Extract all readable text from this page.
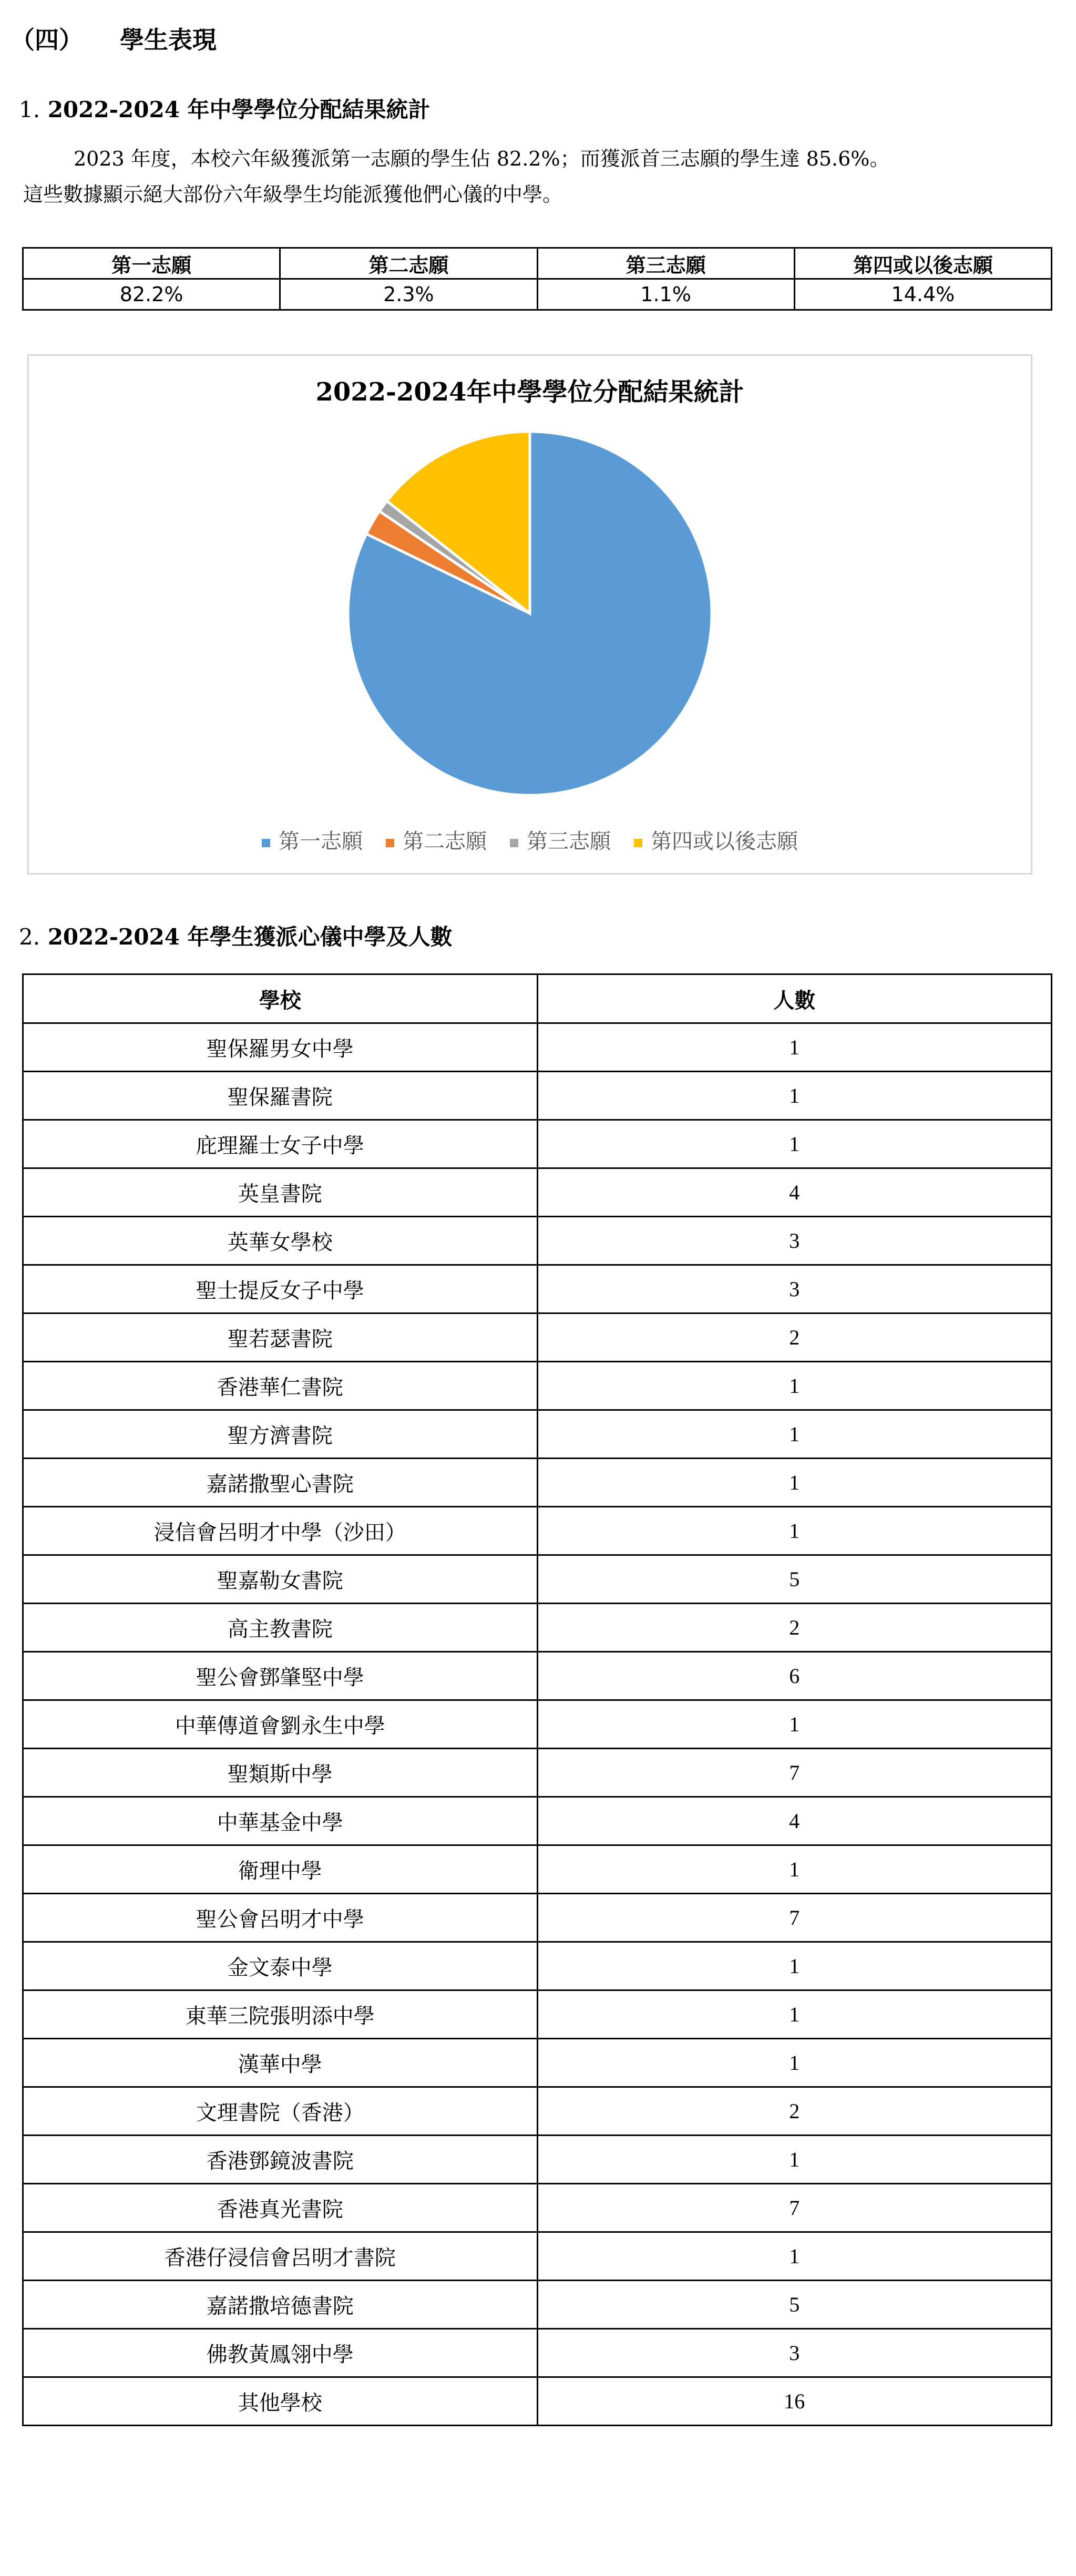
（四） 學生表現
1. 2022-2024 年中學學位分配結果統計
2023 年度，本校六年級獲派第一志願的學生佔 82.2%；而獲派首三志願的學生達 85.6%。
這些數據顯示絕大部份六年級學生均能派獲他們心儀的中學。
第一志願	第二志願	第三志願	第四或以後志願
82.2%	2.3%	1.1%	14.4%
2022-2024年中學學位分配結果統計
第一志願 第二志願 第三志願 第四或以後志願
2. 2022-2024 年學生獲派心儀中學及人數
學校	人數
聖保羅男女中學	1
聖保羅書院	1
庇理羅士女子中學	1
英皇書院	4
英華女學校	3
聖士提反女子中學	3
聖若瑟書院	2
香港華仁書院	1
聖方濟書院	1
嘉諾撒聖心書院	1
浸信會呂明才中學（沙田）	1
聖嘉勒女書院	5
高主教書院	2
聖公會鄧肇堅中學	6
中華傳道會劉永生中學	1
聖類斯中學	7
中華基金中學	4
衛理中學	1
聖公會呂明才中學	7
金文泰中學	1
東華三院張明添中學	1
漢華中學	1
文理書院（香港）	2
香港鄧鏡波書院	1
香港真光書院	7
香港仔浸信會呂明才書院	1
嘉諾撒培德書院	5
佛教黃鳳翎中學	3
其他學校	16
